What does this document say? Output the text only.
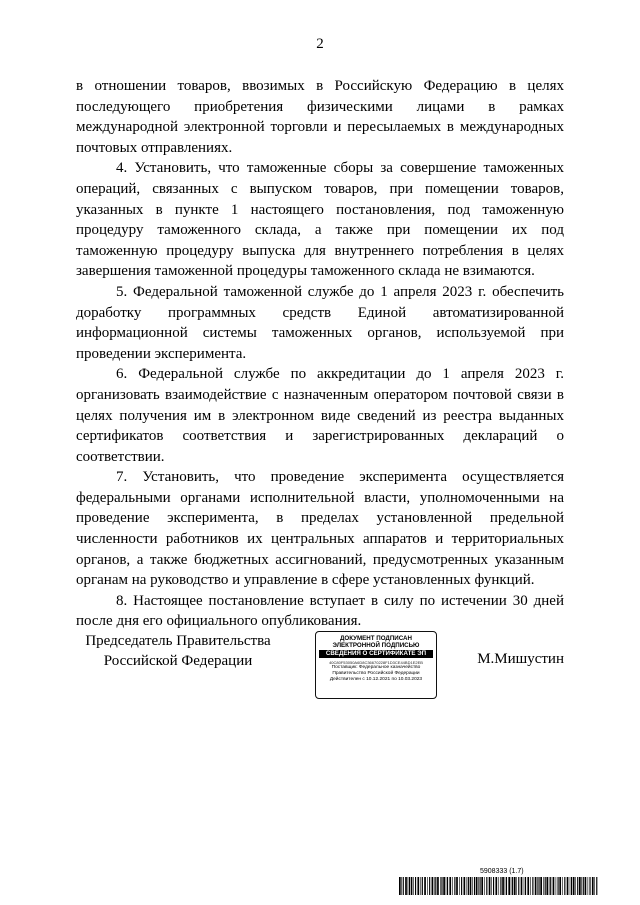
2

в отношении товаров, ввозимых в Российскую Федерацию в целях последующего приобретения физическими лицами в рамках международной электронной торговли и пересылаемых в международных почтовых отправлениях.

4. Установить, что таможенные сборы за совершение таможенных операций, связанных с выпуском товаров, при помещении товаров, указанных в пункте 1 настоящего постановления, под таможенную процедуру таможенного склада, а также при помещении их под таможенную процедуру выпуска для внутреннего потребления в целях завершения таможенной процедуры таможенного склада не взимаются.

5. Федеральной таможенной службе до 1 апреля 2023 г. обеспечить доработку программных средств Единой автоматизированной информационной системы таможенных органов, используемой при проведении эксперимента.

6. Федеральной службе по аккредитации до 1 апреля 2023 г. организовать взаимодействие с назначенным оператором почтовой связи в целях получения им в электронном виде сведений из реестра выданных сертификатов соответствия и зарегистрированных деклараций о соответствии.

7. Установить, что проведение эксперимента осуществляется федеральными органами исполнительной власти, уполномоченными на проведение эксперимента, в пределах установленной предельной численности работников их центральных аппаратов и территориальных органов, а также бюджетных ассигнований, предусмотренных указанным органам на руководство и управление в сфере установленных функций.

8. Настоящее постановление вступает в силу по истечении 30 дней после дня его официального опубликования.

Председатель Правительства
Российской Федерации
ДОКУМЕНТ ПОДПИСАН
ЭЛЕКТРОННОЙ ПОДПИСЬЮ
СВЕДЕНИЯ О СЕРТИФИКАТЕ ЭП
40C80F53050A6D8C36670228F1D3CE44BD1E2EB
Поставщик: Федеральное казначейство
Правительство Российской Федерации
Действителен с 10.12.2021 по 10.03.2023
М.Мишустин
5908333 (1.7)
